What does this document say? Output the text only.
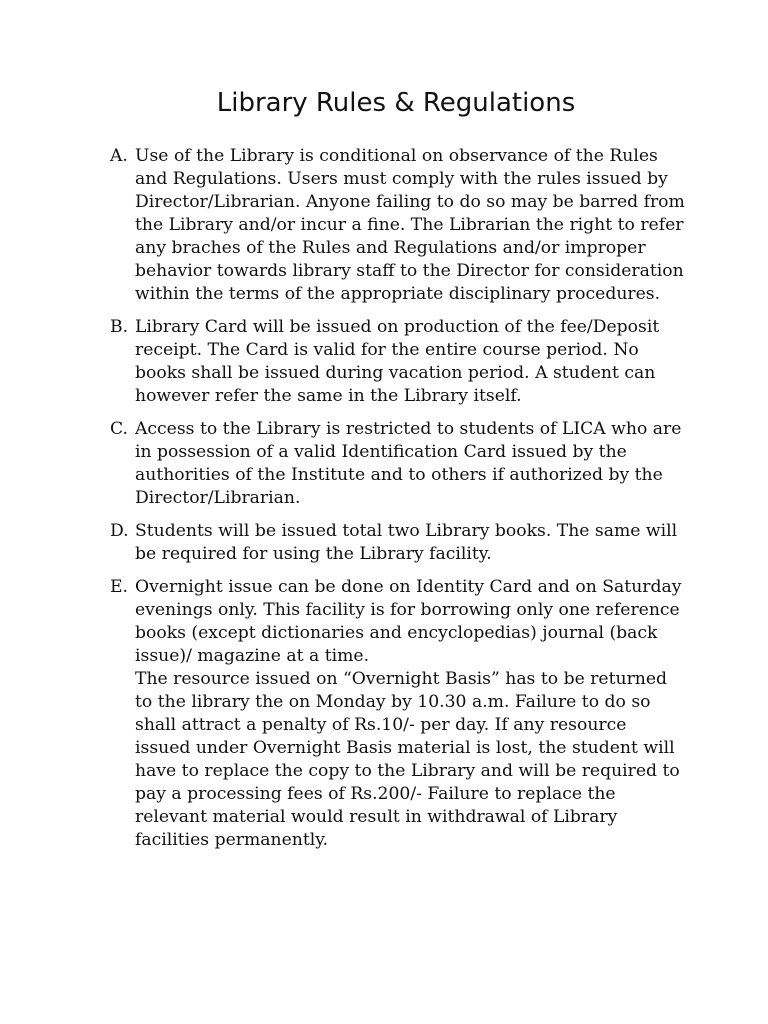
Library Rules & Regulations
A. Use of the Library is conditional on observance of the Rules and Regulations. Users must comply with the rules issued by Director/Librarian. Anyone failing to do so may be barred from the Library and/or incur a fine. The Librarian the right to refer any braches of the Rules and Regulations and/or improper behavior towards library staff to the Director for consideration within the terms of the appropriate disciplinary procedures.
B. Library Card will be issued on production of the fee/Deposit receipt. The Card is valid for the entire course period. No books shall be issued during vacation period. A student can however refer the same in the Library itself.
C. Access to the Library is restricted to students of LICA who are in possession of a valid Identification Card issued by the authorities of the Institute and to others if authorized by the Director/Librarian.
D. Students will be issued total two Library books. The same will be required for using the Library facility.
E. Overnight issue can be done on Identity Card and on Saturday evenings only. This facility is for borrowing only one reference books (except dictionaries and encyclopedias) journal (back issue)/ magazine at a time.
The resource issued on “Overnight Basis” has to be returned to the library the on Monday by 10.30 a.m. Failure to do so shall attract a penalty of Rs.10/- per day. If any resource issued under Overnight Basis material is lost, the student will have to replace the copy to the Library and will be required to pay a processing fees of Rs.200/- Failure to replace the relevant material would result in withdrawal of Library facilities permanently.
